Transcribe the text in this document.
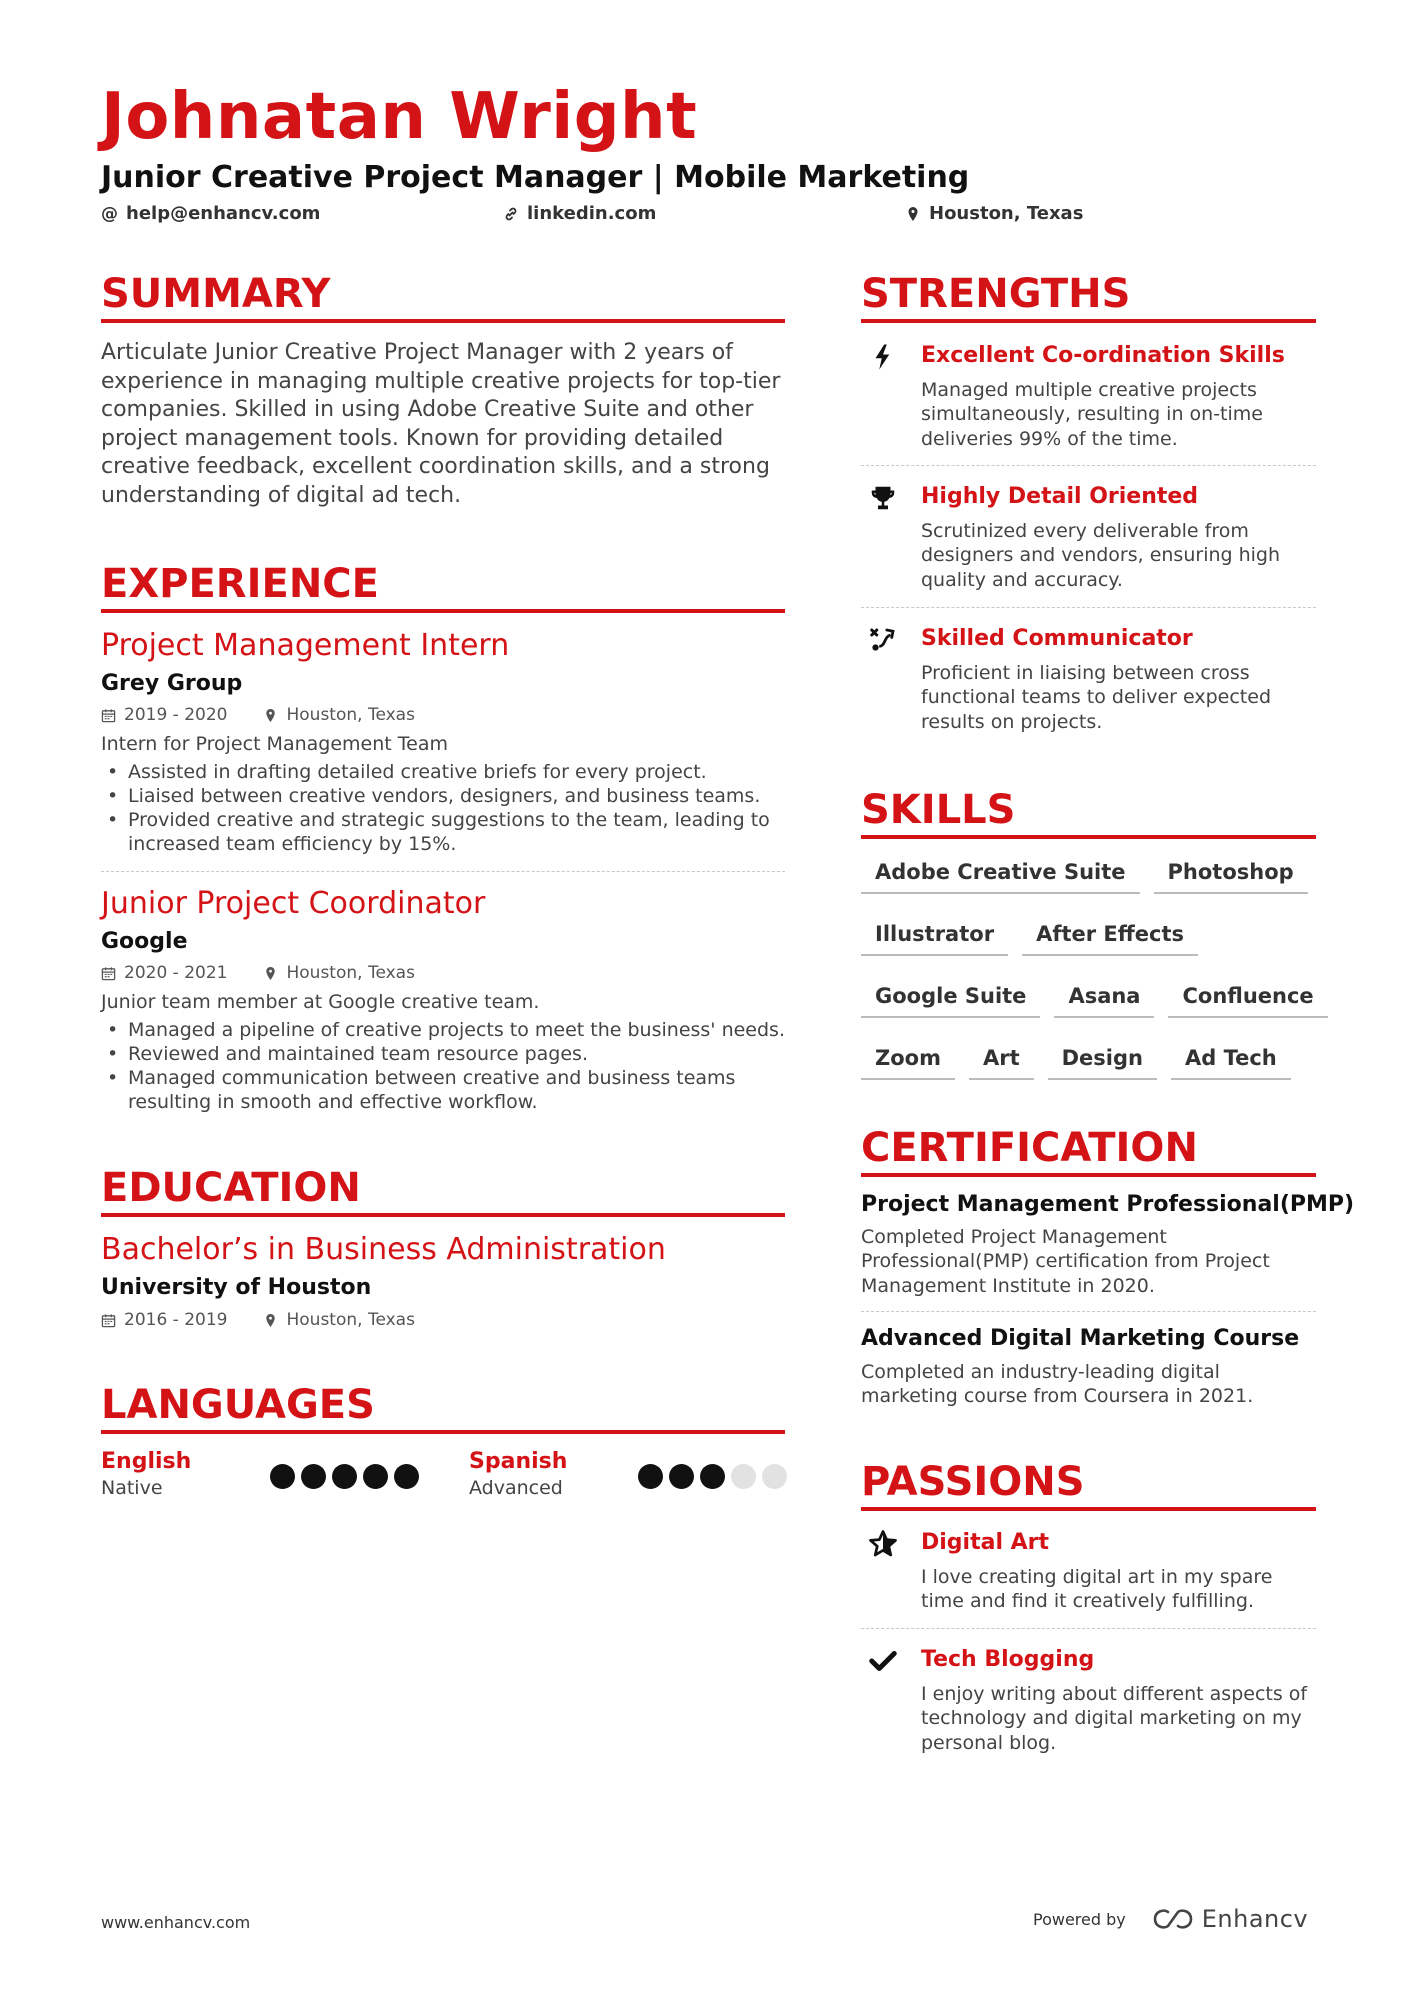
Johnatan Wright
Junior Creative Project Manager | Mobile Marketing
@ help@enhancv.com	linkedin.com	Houston, Texas
SUMMARY
Articulate Junior Creative Project Manager with 2 years of experience in managing multiple creative projects for top-tier companies. Skilled in using Adobe Creative Suite and other project management tools. Known for providing detailed creative feedback, excellent coordination skills, and a strong understanding of digital ad tech.
EXPERIENCE
Project Management Intern
Grey Group
2019 - 2020	Houston, Texas
Intern for Project Management Team
• Assisted in drafting detailed creative briefs for every project.
• Liaised between creative vendors, designers, and business teams.
• Provided creative and strategic suggestions to the team, leading to increased team efficiency by 15%.
Junior Project Coordinator
Google
2020 - 2021	Houston, Texas
Junior team member at Google creative team.
• Managed a pipeline of creative projects to meet the business' needs.
• Reviewed and maintained team resource pages.
• Managed communication between creative and business teams resulting in smooth and effective workflow.
EDUCATION
Bachelor’s in Business Administration
University of Houston
2016 - 2019	Houston, Texas
LANGUAGES
English
Native
Spanish
Advanced
STRENGTHS
Excellent Co-ordination Skills
Managed multiple creative projects simultaneously, resulting in on-time deliveries 99% of the time.
Highly Detail Oriented
Scrutinized every deliverable from designers and vendors, ensuring high quality and accuracy.
Skilled Communicator
Proficient in liaising between cross functional teams to deliver expected results on projects.
SKILLS
Adobe Creative Suite	Photoshop
Illustrator	After Effects
Google Suite	Asana	Confluence
Zoom	Art	Design	Ad Tech
CERTIFICATION
Project Management Professional(PMP)
Completed Project Management Professional(PMP) certification from Project Management Institute in 2020.
Advanced Digital Marketing Course
Completed an industry-leading digital marketing course from Coursera in 2021.
PASSIONS
Digital Art
I love creating digital art in my spare time and find it creatively fulfilling.
Tech Blogging
I enjoy writing about different aspects of technology and digital marketing on my personal blog.
www.enhancv.com	Powered by	Enhancv
